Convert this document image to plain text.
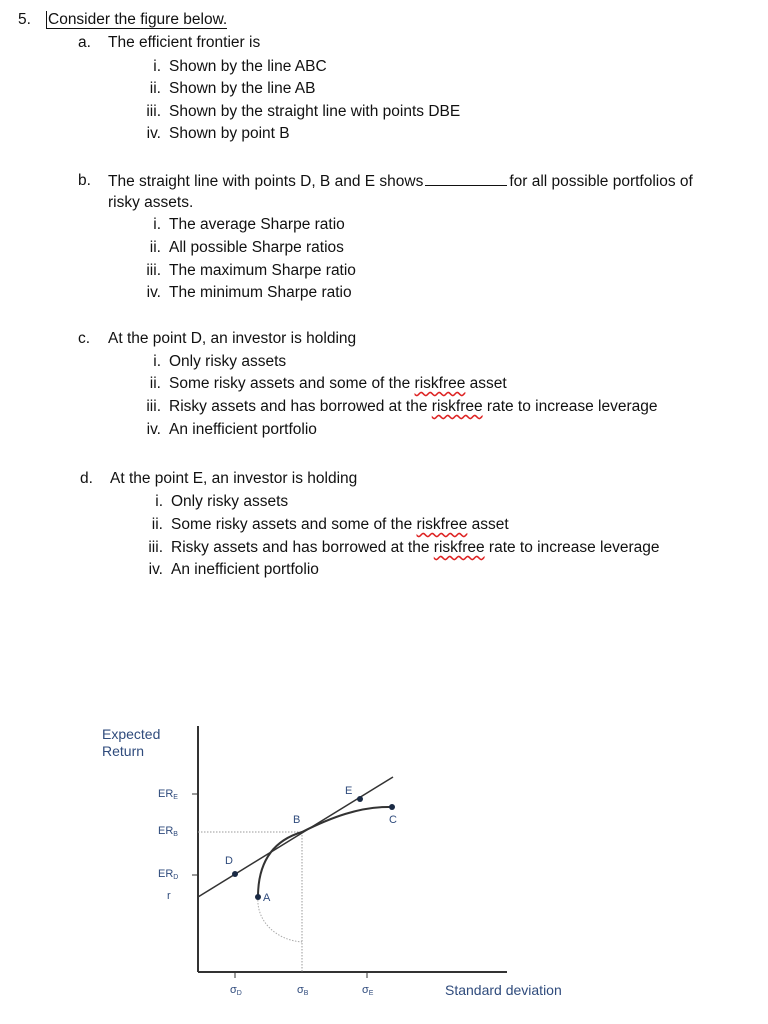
5. Consider the figure below.
a. The efficient frontier is
i. Shown by the line ABC
ii. Shown by the line AB
iii. Shown by the straight line with points DBE
iv. Shown by point B
b. The straight line with points D, B and E shows	for all possible portfolios of
risky assets.
i. The average Sharpe ratio
ii. All possible Sharpe ratios
iii. The maximum Sharpe ratio
iv. The minimum Sharpe ratio
c. At the point D, an investor is holding
i. Only risky assets
ii. Some risky assets and some of the riskfree asset
iii. Risky assets and has borrowed at the riskfree rate to increase leverage
iv. An inefficient portfolio
d. At the point E, an investor is holding
i. Only risky assets
ii. Some risky assets and some of the riskfree asset
iii. Risky assets and has borrowed at the riskfree rate to increase leverage
iv. An inefficient portfolio
Expected
Return
A
B	C
D
E
ERE
ERB
ERD
r
σD	σB	σE	Standard deviation
